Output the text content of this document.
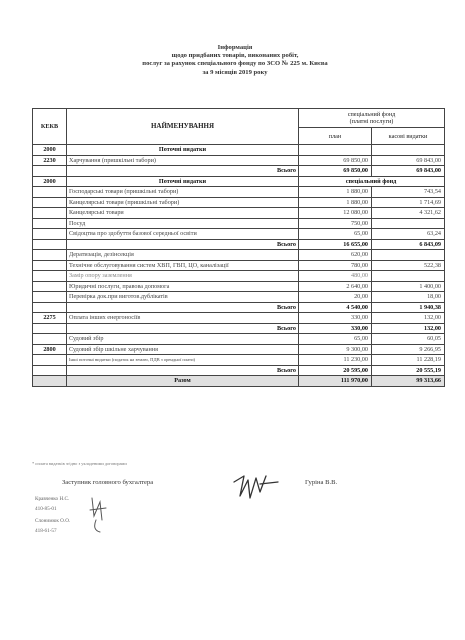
Інформація
щодо придбаних товарів, виконаних робіт,
послуг за рахунок спеціального фонду по ЗСО № 225 м. Києва
за 9 місяців 2019 року
КЕКВ	НАЙМЕНУВАННЯ	спеціальний фонд
(платні послуги)	

		план	касові видатки
2000	Поточні видатки		
2230	Харчування (пришкільні табори)	69 850,00	69 843,00
	Всього	69 850,00	69 843,00
2000	Поточні видатки	спеціальний фонд	
	Господарські товари (пришкільні табори)	1 880,00	743,54
	Канцелярські товари (пришкільні табори)	1 880,00	1 714,69
	Канцелярські товари	12 080,00	4 321,62
	Посуд	750,00	
	Свідоцтва про здобуття базової середньої освіти	65,00	63,24
	Всього	16 655,00	6 843,09
	Дератизація, дезінсекція	620,00	
	Технічне обслуговування систем ХВП, ГВП, ЦО, каналізації	780,00	522,38
	Замір опору заземлення	480,00	
	Юридичні послуги, правова допомога	2 640,00	1 400,00
	Перевірка док.при виготов.дублікатів	20,00	18,00
	Всього	4 540,00	1 940,38
2275	Оплата інших енергоносіїв	330,00	132,00
	Всього	330,00	132,00
	Судовий збір	65,00	60,05
2800	Судовий збір шкільне харчування	9 300,00	9 266,95
	Інші поточні видатки (податок на землю, ПДВ з орендної плати)	11 230,00	11 228,19
	Всього	20 595,00	20 555,19
	Разом	111 970,00	99 313,66
* оплата видатків згідно з укладеними договорами
Заступник головного бухгалтера	Гуріна В.В.
Кравченко Н.С.
410-85-01
Слонимюк О.О.
418-61-57
